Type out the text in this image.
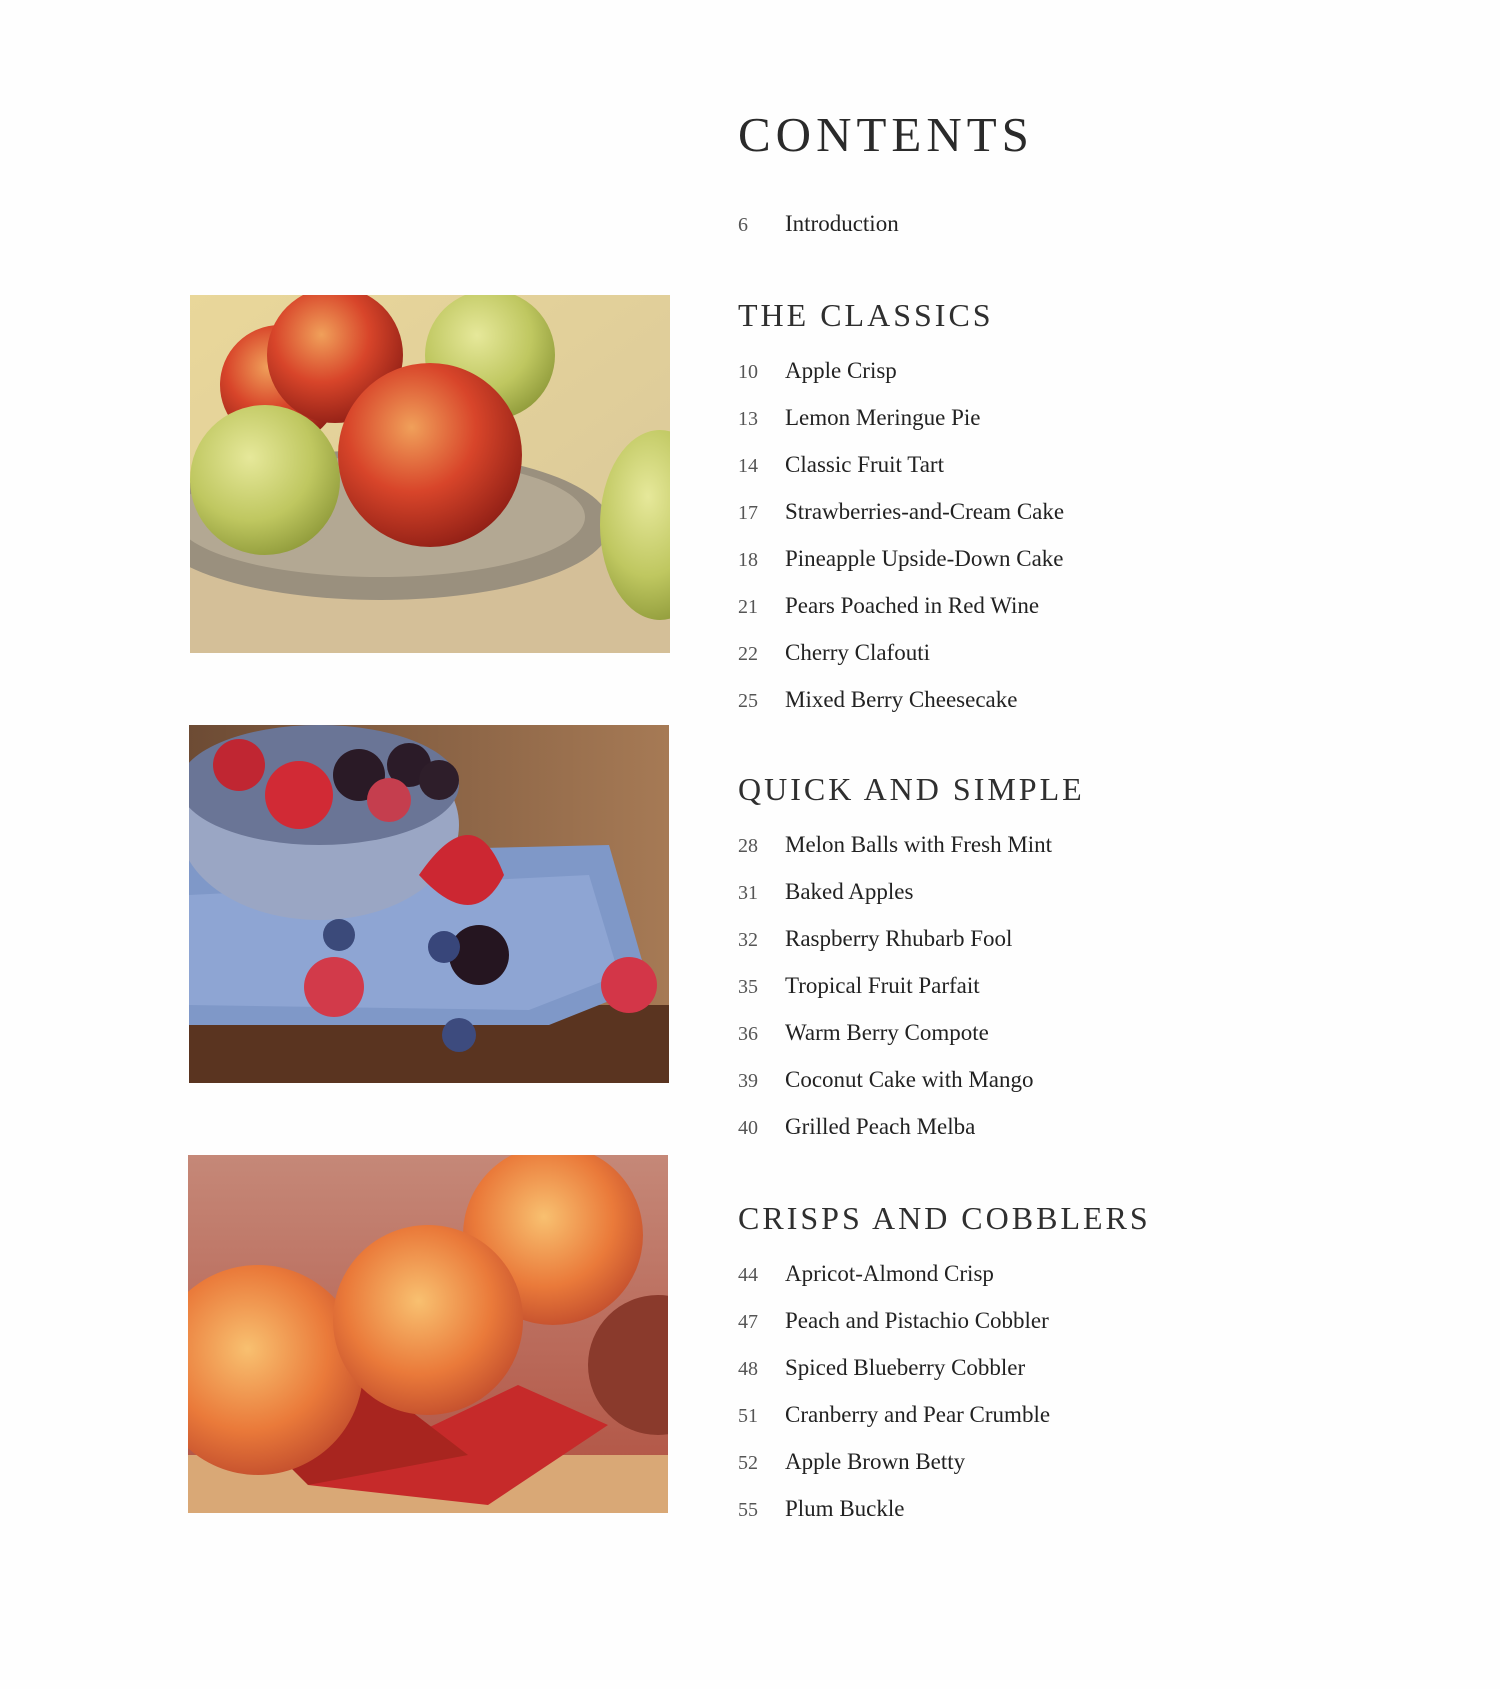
CONTENTS
6	Introduction
THE CLASSICS
10	Apple Crisp
13	Lemon Meringue Pie
14	Classic Fruit Tart
17	Strawberries-and-Cream Cake
18	Pineapple Upside-Down Cake
21	Pears Poached in Red Wine
22	Cherry Clafouti
25	Mixed Berry Cheesecake
QUICK AND SIMPLE
28	Melon Balls with Fresh Mint
31	Baked Apples
32	Raspberry Rhubarb Fool
35	Tropical Fruit Parfait
36	Warm Berry Compote
39	Coconut Cake with Mango
40	Grilled Peach Melba
CRISPS AND COBBLERS
44	Apricot-Almond Crisp
47	Peach and Pistachio Cobbler
48	Spiced Blueberry Cobbler
51	Cranberry and Pear Crumble
52	Apple Brown Betty
55	Plum Buckle
